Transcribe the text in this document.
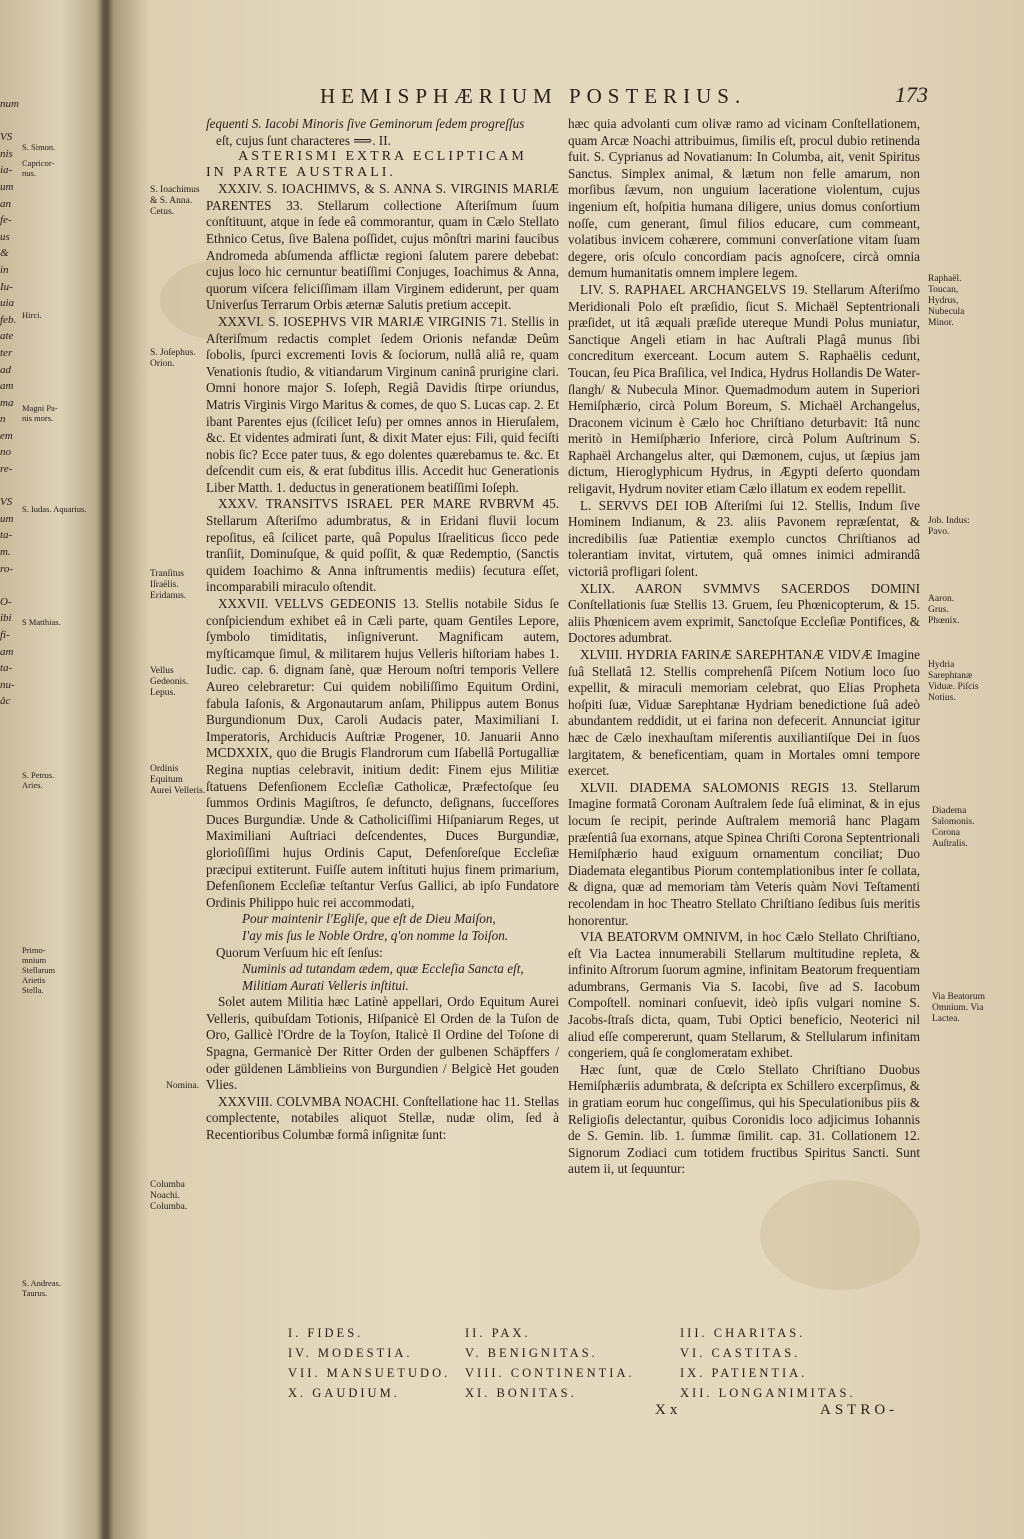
HEMISPHÆRIUM POSTERIUS.	173
num

VS
nis
ia-
um
an
fe-
us
&
in
Iu-
uia
feb.
ate
ter
ad
am
ma
n
em
no
re-

VS
um
ta-
m.
ro-

O-
ibi
fi-
am
ta-
nu-
âc
S. Simon.
Capricor- nus.
Hirci.
Magni Pa- nis mors.
S. Iudas. Aquarius.
S Matthias.
S. Petrus. Aries.
Primo- mnium Stellarum Arietis Stella.
S. Andreas. Taurus.
S. Ioachimus & S. Anna. Cetus.
S. Joſephus. Orion.
Tranſitus Iſraëlis. Eridanus.
Vellus Gedeonis. Lepus.
Ordinis Equitum Aurei Velleris.
Nomina.
Columba Noachi. Columba.

ſequenti S. Iacobi Minoris ſive Geminorum ſedem progreſſus

eſt, cujus ſunt characteres ⟹. II.

ASTERISMI EXTRA ECLIPTICAM

IN PARTE AUSTRALI.

XXXIV. S. IOACHIMVS, & S. ANNA S. VIRGINIS MARIÆ PARENTES 33. Stellarum collectione Aſteriſmum ſuum conſtituunt, atque in ſede eâ commorantur, quam in Cælo Stellato Ethnico Cetus, ſive Balena poſſidet, cujus mônſtri marini faucibus Andromeda abſumenda afflictæ regioni ſalutem parere debebat: cujus loco hic cernuntur beatiſſimi Conjuges, Ioachimus & Anna, quorum viſcera feliciſſimam illam Virginem ediderunt, per quam Univerſus Terrarum Orbis æternæ Salutis pretium accepit.

XXXVI. S. IOSEPHVS VIR MARIÆ VIRGINIS 71. Stellis in Aſteriſmum redactis complet ſedem Orionis nefandæ Deûm ſobolis, ſpurci excrementi Iovis & ſociorum, nullâ aliâ re, quam Venationis ſtudio, & vitiandarum Virginum caninâ prurigine clari. Omni honore major S. Ioſeph, Regiâ Davidis ſtirpe oriundus, Matris Virginis Virgo Maritus & comes, de quo S. Lucas cap. 2. Et ibant Parentes ejus (ſcilicet Ieſu) per omnes annos in Hieruſalem, &c. Et videntes admirati ſunt, & dixit Mater ejus: Fili, quid feciſti nobis ſic? Ecce pater tuus, & ego dolentes quærebamus te. &c. Et deſcendit cum eis, & erat ſubditus illis. Accedit huc Generationis Liber Matth. 1. deductus in generationem beatiſſimi Ioſeph.

XXXV. TRANSITVS ISRAEL PER MARE RVBRVM 45. Stellarum Aſteriſmo adumbratus, & in Eridani fluvii locum repoſitus, eâ ſcilicet parte, quâ Populus Iſraeliticus ſicco pede tranſiit, Dominuſque, & quid poſſit, & quæ Redemptio, (Sanctis quidem Ioachimo & Anna inſtrumentis mediis) ſecutura eſſet, incomparabili miraculo oſtendit.

XXXVII. VELLVS GEDEONIS 13. Stellis notabile Sidus ſe conſpiciendum exhibet eâ in Cæli parte, quam Gentiles Lepore, ſymbolo timiditatis, inſigniverunt. Magnificam autem, myſticamque ſimul, & militarem hujus Velleris hiſtoriam habes 1. Iudic. cap. 6. dignam ſanè, quæ Heroum noſtri temporis Vellere Aureo celebraretur: Cui quidem nobiliſſimo Equitum Ordini, fabula Iaſonis, & Argonautarum anſam, Philippus autem Bonus Burgundionum Dux, Caroli Audacis pater, Maximiliani I. Imperatoris, Archiducis Auſtriæ Progener, 10. Januarii Anno MCDXXIX, quo die Brugis Flandrorum cum Iſabellâ Portugalliæ Regina nuptias celebravit, initium dedit: Finem ejus Militiæ ſtatuens Defenſionem Eccleſiæ Catholicæ, Præfectoſque ſeu ſummos Ordinis Magiſtros, ſe defuncto, deſignans, ſucceſſores Duces Burgundiæ. Unde & Catholiciſſimi Hiſpaniarum Reges, ut Maximiliani Auſtriaci deſcendentes, Duces Burgundiæ, glorioſiſſimi hujus Ordinis Caput, Defenſoreſque Eccleſiæ præcipui extiterunt. Fuiſſe autem inſtituti hujus finem primarium, Defenſionem Eccleſiæ teſtantur Verſus Gallici, ab ipſo Fundatore Ordinis Philippo huic rei accommodati,

Pour maintenir l'Egliſe, que eſt de Dieu Maiſon,

I'ay mis ſus le Noble Ordre, q'on nomme la Toiſon.

Quorum Verſuum hic eſt ſenſus:

Numinis ad tutandam ædem, quæ Eccleſia Sancta eſt,

Militiam Aurati Velleris inſtitui.

Solet autem Militia hæc Latinè appellari, Ordo Equitum Aurei Velleris, quibuſdam Totionis, Hiſpanicè El Orden de la Tuſon de Oro, Gallicè l'Ordre de la Toyſon, Italicè Il Ordine del Toſone di Spagna, Germanicè Der Ritter Orden der gulbenen Schäpffers / oder güldenen Lämblieins von Burgundien / Belgicè Het gouden Vlies.

XXXVIII. COLVMBA NOACHI. Conſtellatione hac 11. Stellas complectente, notabiles aliquot Stellæ, nudæ olim, ſed à Recentioribus Columbæ formâ inſignitæ ſunt:

hæc quia advolanti cum olivæ ramo ad vicinam Conſtellationem, quam Arcæ Noachi attribuimus, ſimilis eſt, procul dubio retinenda fuit. S. Cyprianus ad Novatianum: In Columba, ait, venit Spiritus Sanctus. Simplex animal, & lætum non felle amarum, non morſibus ſævum, non unguium laceratione violentum, cujus ingenium eſt, hoſpitia humana diligere, unius domus conſortium noſſe, cum generant, ſimul filios educare, cum commeant, volatibus invicem cohærere, communi converſatione vitam ſuam degere, oris oſculo concordiam pacis agnoſcere, circà omnia demum humanitatis omnem implere legem.

LIV. S. RAPHAEL ARCHANGELVS 19. Stellarum Aſteriſmo Meridionali Polo eſt præſidio, ſicut S. Michaël Septentrionali præſidet, ut itâ æquali præſide utereque Mundi Polus muniatur, Sanctique Angeli etiam in hac Auſtrali Plagâ munus ſibi concreditum exerceant. Locum autem S. Raphaëlis cedunt, Toucan, ſeu Pica Braſilica, vel Indica, Hydrus Hollandis De Water-ſlangh/ & Nubecula Minor. Quemadmodum autem in Superiori Hemiſphærio, circà Polum Boreum, S. Michaël Archangelus, Draconem vicinum è Cælo hoc Chriſtiano deturbavit: Itâ nunc meritò in Hemiſphærio Inferiore, circà Polum Auſtrinum S. Raphaël Archangelus alter, qui Dæmonem, cujus, ut ſæpius jam dictum, Hieroglyphicum Hydrus, in Ægypti deſerto quondam religavit, Hydrum noviter etiam Cælo illatum ex eodem repellit.

L. SERVVS DEI IOB Aſteriſmi ſui 12. Stellis, Indum ſive Hominem Indianum, & 23. aliis Pavonem repræſentat, & incredibilis ſuæ Patientiæ exemplo cunctos Chriſtianos ad tolerantiam invitat, virtutem, quâ omnes inimici admirandâ victoriâ profligari ſolent.

XLIX. AARON SVMMVS SACERDOS DOMINI Conſtellationis ſuæ Stellis 13. Gruem, ſeu Phœnicopterum, & 15. aliis Phœnicem avem exprimit, Sanctoſque Eccleſiæ Pontifices, & Doctores adumbrat.

XLVIII. HYDRIA FARINÆ SAREPHTANÆ VIDVÆ Imagine ſuâ Stellatâ 12. Stellis comprehenſâ Piſcem Notium loco ſuo expellit, & miraculi memoriam celebrat, quo Elias Propheta hoſpiti ſuæ, Viduæ Sarephtanæ Hydriam benedictione ſuâ adeò abundantem reddidit, ut ei farina non defecerit. Annunciat igitur hæc de Cælo inexhauſtam miſerentis auxiliantiſque Dei in ſuos largitatem, & beneficentiam, quam in Mortales omni tempore exercet.

XLVII. DIADEMA SALOMONIS REGIS 13. Stellarum Imagine formatâ Coronam Auſtralem ſede ſuâ eliminat, & in ejus locum ſe recipit, perinde Auſtralem memoriâ hanc Plagam præſentiâ ſua exornans, atque Spinea Chriſti Corona Septentrionali Hemiſphærio haud exiguum ornamentum conciliat; Duo Diademata elegantibus Piorum contemplationibus inter ſe collata, & digna, quæ ad memoriam tàm Veteris quàm Novi Teſtamenti recolendam in hoc Theatro Stellato Chriſtiano ſedibus ſuis meritis honorentur.

VIA BEATORVM OMNIVM, in hoc Cælo Stellato Chriſtiano, eſt Via Lactea innumerabili Stellarum multitudine repleta, & infinito Aſtrorum ſuorum agmine, infinitam Beatorum frequentiam adumbrans, Germanis Via S. Iacobi, ſive ad S. Iacobum Compoſtell. nominari conſuevit, ideò ipſis vulgari nomine S. Jacobs-ſtraſs dicta, quam, Tubi Optici beneficio, Neoterici nil aliud eſſe compererunt, quam Stellarum, & Stellularum infinitam congeriem, quâ ſe conglomeratam exhibet.

Hæc ſunt, quæ de Cœlo Stellato Chriſtiano Duobus Hemiſphæriis adumbrata, & deſcripta ex Schillero excerpſimus, & in gratiam eorum huc congeſſimus, qui his Speculationibus piis & Religioſis delectantur, quibus Coronidis loco adjicimus Iohannis de S. Gemin. lib. 1. ſummæ ſimilit. cap. 31. Collationem 12. Signorum Zodiaci cum totidem fructibus Spiritus Sancti. Sunt autem ii, ut ſequuntur:

Raphaël. Toucan, Hydrus, Nubecula Minor.
Job. Indus: Pavo.
Aaron. Grus. Phœnix.
Hydria Sarephtanæ Viduæ. Piſcis Notius.
Diadema Salomonis. Corona Auſtralis.
Via Beatorum Omnium. Via Lactea.
I. FIDES.	II. PAX.	III. CHARITAS.
IV. MODESTIA.	V. BENIGNITAS.	VI. CASTITAS.
VII. MANSUETUDO.	VIII. CONTINENTIA.	IX. PATIENTIA.
X. GAUDIUM.	XI. BONITAS.	XII. LONGANIMITAS.
Xx	ASTRO-
